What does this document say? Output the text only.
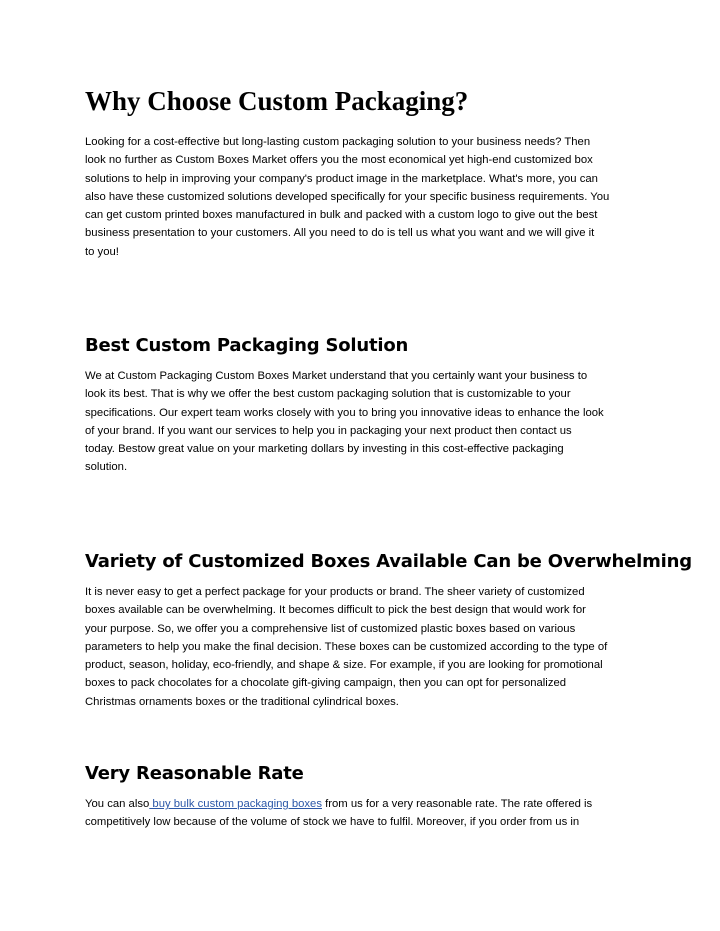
Why Choose Custom Packaging?

Looking for a cost-effective but long-lasting custom packaging solution to your business needs? Then
look no further as Custom Boxes Market offers you the most economical yet high-end customized box
solutions to help in improving your company's product image in the marketplace. What's more, you can
also have these customized solutions developed specifically for your specific business requirements. You
can get custom printed boxes manufactured in bulk and packed with a custom logo to give out the best
business presentation to your customers. All you need to do is tell us what you want and we will give it
to you!

Best Custom Packaging Solution

We at Custom Packaging Custom Boxes Market understand that you certainly want your business to
look its best. That is why we offer the best custom packaging solution that is customizable to your
specifications. Our expert team works closely with you to bring you innovative ideas to enhance the look
of your brand. If you want our services to help you in packaging your next product then contact us
today. Bestow great value on your marketing dollars by investing in this cost-effective packaging
solution.

Variety of Customized Boxes Available Can be Overwhelming

It is never easy to get a perfect package for your products or brand. The sheer variety of customized
boxes available can be overwhelming. It becomes difficult to pick the best design that would work for
your purpose. So, we offer you a comprehensive list of customized plastic boxes based on various
parameters to help you make the final decision. These boxes can be customized according to the type of
product, season, holiday, eco-friendly, and shape & size. For example, if you are looking for promotional
boxes to pack chocolates for a chocolate gift-giving campaign, then you can opt for personalized
Christmas ornaments boxes or the traditional cylindrical boxes.

Very Reasonable Rate

You can also buy bulk custom packaging boxes from us for a very reasonable rate. The rate offered is
competitively low because of the volume of stock we have to fulfil. Moreover, if you order from us in
